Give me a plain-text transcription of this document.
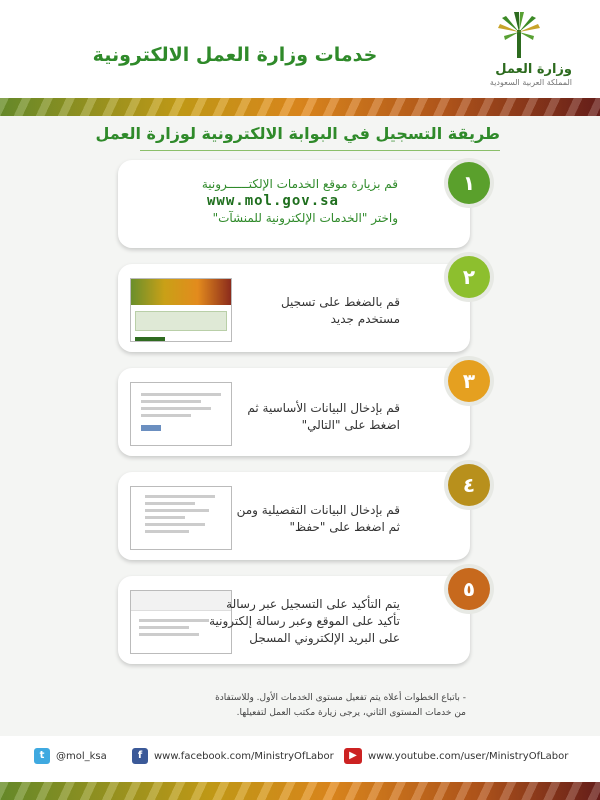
وزارة العمل
المملكة العربية السعودية
خدمات وزارة العمل الالكترونية
طريقة التسجيل في البوابة الالكترونية لوزارة العمل
١
قم بزيارة موقع الخدمات الإلكتــــــرونية
www.mol.gov.sa
واختر "الخدمات الإلكترونية للمنشآت"
٢
قم بالضغط على تسجيل
مستخدم جديد
٣
قم بإدخال البيانات الأساسية ثم
اضغط على "التالي"
٤
قم بإدخال البيانات التفصيلية ومن
ثم اضغط على "حفظ"
٥
يتم التأكيد على التسجيل عبر رسالة
تأكيد على الموقع وعبر رسالة إلكترونية
على البريد الإلكتروني المسجل
- باتباع الخطوات أعلاه يتم تفعيل مستوى الخدمات الأول. وللاستفادة
من خدمات المستوى الثاني، يرجى زيارة مكتب العمل لتفعيلها.
t	@mol_ksa	f	www.facebook.com/MinistryOfLabor	▶	www.youtube.com/user/MinistryOfLabor
